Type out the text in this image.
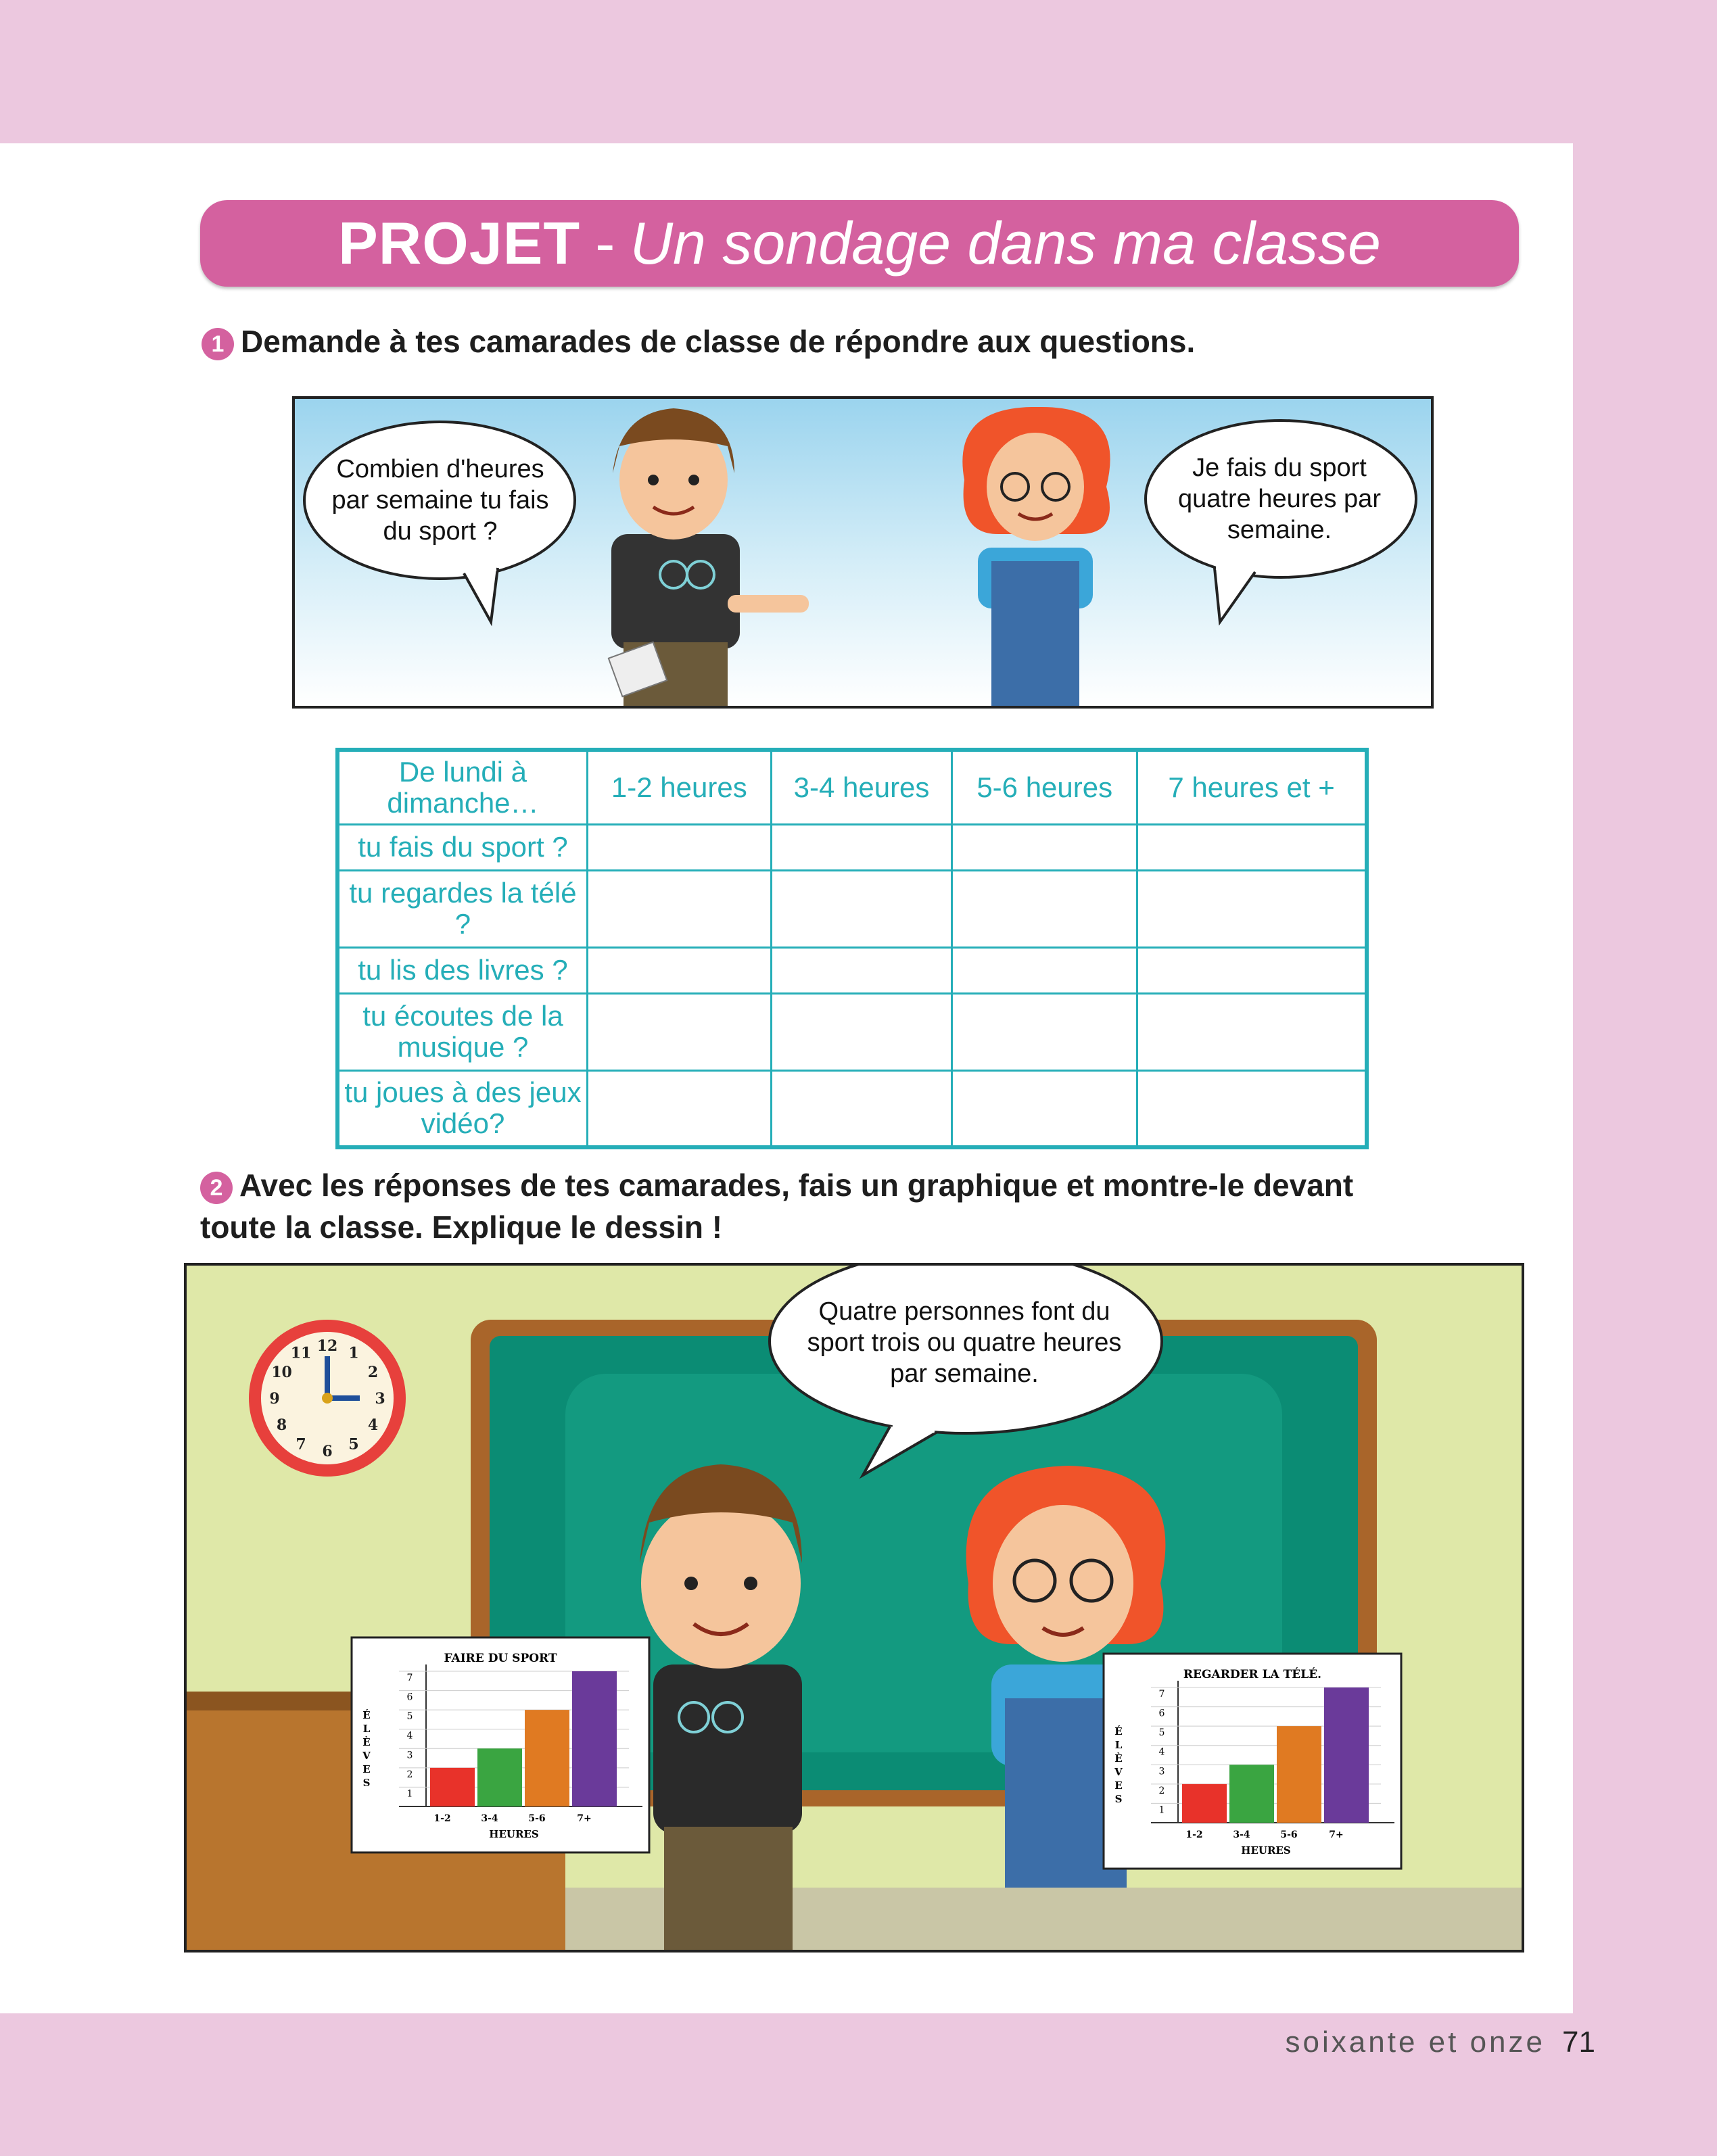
PROJET - Un sondage dans ma classe
1 Demande à tes camarades de classe de répondre aux questions.
Combien d'heures par semaine tu fais du sport ?
Je fais du sport quatre heures par semaine.
De lundi à dimanche…	1-2 heures	3-4 heures	5-6 heures	7 heures et +
tu fais du sport ?				
tu regardes la télé ?				
tu lis des livres ?				
tu écoutes de la musique ?				
tu joues à des jeux vidéo?				
2 Avec les réponses de tes camarades, fais un graphique et montre-le devant toute la classe. Explique le dessin !
12 1
2
3
4
5
6
7
8
9
10
11
FAIRE DU SPORT
É
L
È
V
E
S
1
2
3
4
5
6
7
1-2	3-4	5-6	7+
HEURES
REGARDER LA TÉLÉ.
É
L
È
V
E
S
1
2
3
4
5
6
7
1-2	3-4	5-6	7+
HEURES
Quatre personnes font du sport trois ou quatre heures par semaine.
soixante et onze 71
